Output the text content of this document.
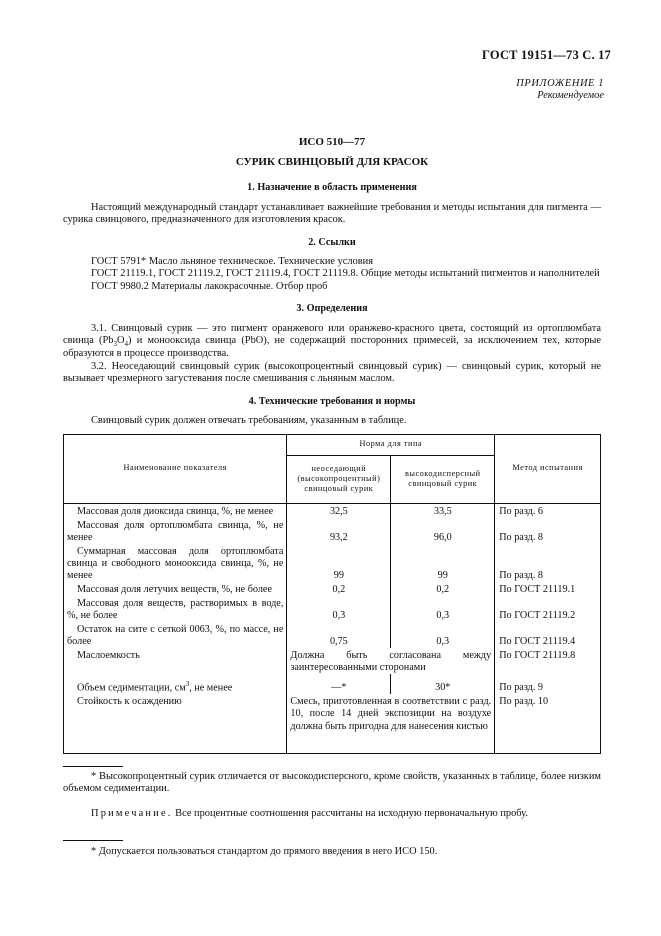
ГОСТ 19151—73 С. 17
ПРИЛОЖЕНИЕ 1
Рекомендуемое
ИСО 510—77
СУРИК СВИНЦОВЫЙ ДЛЯ КРАСОК
1. Назначение в область применения

Настоящий международный стандарт устанавливает важнейшие требования и методы испытания для пигмента — сурика свинцового, предназначенного для изготовления красок.

2. Ссылки

ГОСТ 5791* Масло льняное техническое. Технические условия

ГОСТ 21119.1, ГОСТ 21119.2, ГОСТ 21119.4, ГОСТ 21119.8. Общие методы испытаний пигментов и наполнителей

ГОСТ 9980.2 Материалы лакокрасочные. Отбор проб

3. Определения

3.1. Свинцовый сурик — это пигмент оранжевого или оранжево-красного цвета, состоящий из ортоплюмбата свинца $(Pb_3O_4)$ и монооксида свинца (PbO), не содержащий посторонних примесей, за исключением тех, которые образуются в процессе производства.

3.2. Неоседающий свинцовый сурик (высокопроцентный свинцовый сурик) — свинцовый сурик, который не вызывает чрезмерного загустевания после смешивания с льняным маслом.

4. Технические требования и нормы

Свинцовый сурик должен отвечать требованиям, указанным в таблице.

Наименование показателя	Норма для типа		Метод испытания
	неоседающий (высокопроцентный) свинцовый сурик	высокодисперсный свинцовый сурик	
Массовая доля диоксида свинца, %, не менее	32,5	33,5	По разд. 6
Массовая доля ортоплюмбата свинца, %, не менее	93,2	96,0	По разд. 8
Суммарная массовая доля ортоплюмбата свинца и свободного монооксида свинца, %, не менее	99	99	По разд. 8
Массовая доля летучих веществ, %, не более	0,2	0,2	По ГОСТ 21119.1
Массовая доля веществ, растворимых в воде, %, не более	0,3	0,3	По ГОСТ 21119.2
Остаток на сите с сеткой 0063, %, по массе, не более	0,75	0,3	По ГОСТ 21119.4
Маслоемкость	Должна быть согласована между заинтересованными сторонами		По ГОСТ 21119.8
Объем седиментации, $см^3$, не менее	—*	30*	По разд. 9
Стойкость к осаждению	Смесь, приготовленная в соответствии с разд. 10, после 14 дней экспозиции на воздухе должна быть пригодна для нанесения кистью		По разд. 10

* Высокопроцентный сурик отличается от высокодисперсного, кроме свойств, указанных в таблице, более низким объемом седиментации.

Примечание. Все процентные соотношения рассчитаны на исходную первоначальную пробу.

* Допускается пользоваться стандартом до прямого введения в него ИСО 150.
